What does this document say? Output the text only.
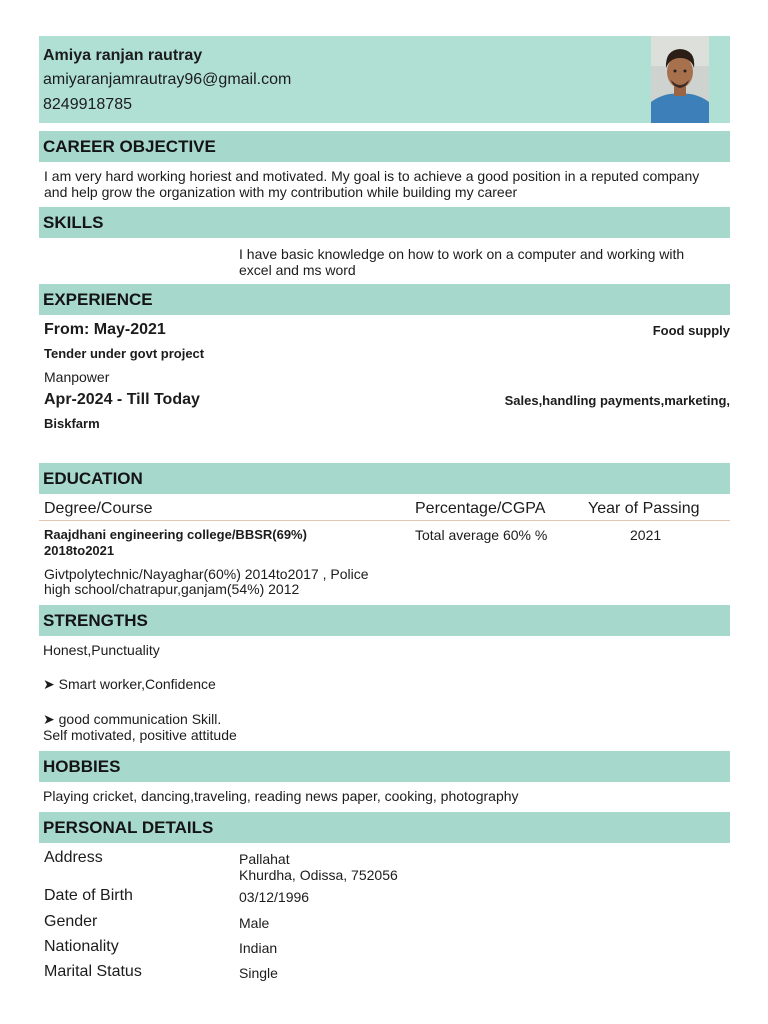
Amiya ranjan rautray
amiyaranjamrautray96@gmail.com
8249918785
CAREER OBJECTIVE
I am very hard working horiest and motivated. My goal is to achieve a good position in a reputed company
and help grow the organization with my contribution while building my career
SKILLS
I have basic knowledge on how to work on a computer and working with
excel and ms word
EXPERIENCE
From: May-2021	Food supply
Tender under govt project
Manpower
Apr-2024 - Till Today	Sales,handling payments,marketing,
Biskfarm
EDUCATION
Degree/Course	Percentage/CGPA	Year of Passing
Raajdhani engineering college/BBSR(69%)
2018to2021
Total average 60% %	2021
Givtpolytechnic/Nayaghar(60%) 2014to2017 , Police
high school/chatrapur,ganjam(54%) 2012
STRENGTHS
Honest,Punctuality
➤ Smart worker,Confidence
➤ good communication Skill.
Self motivated, positive attitude
HOBBIES
Playing cricket, dancing,traveling, reading news paper, cooking, photography
PERSONAL DETAILS
Address	Pallahat
Khurdha, Odissa, 752056
Date of Birth	03/12/1996
Gender	Male
Nationality	Indian
Marital Status	Single
